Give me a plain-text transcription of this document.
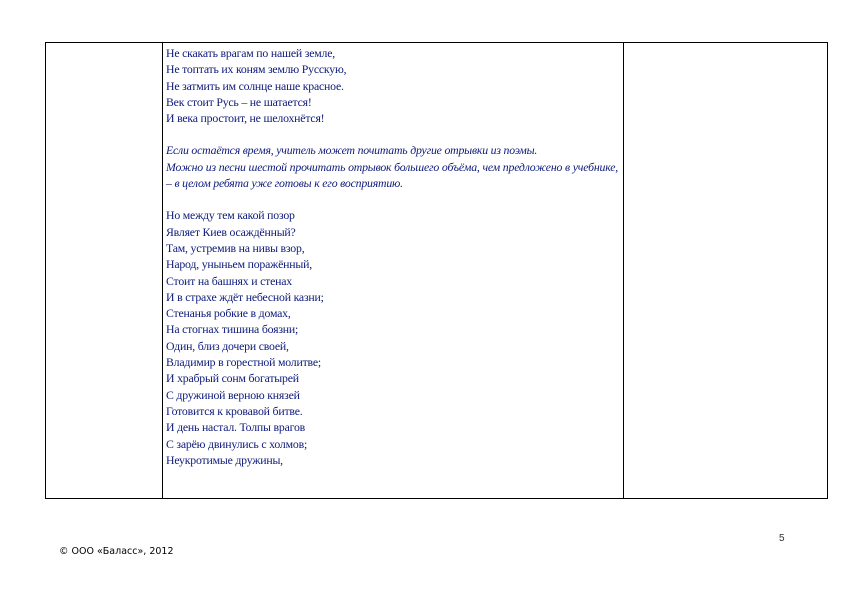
Не скакать врагам по нашей земле,
Не топтать их коням землю Русскую,
Не затмить им солнце наше красное.
Век стоит Русь – не шатается!
И века простоит, не шелохнётся!
Если остаётся время, учитель может почитать другие отрывки из поэмы.
Можно из песни шестой прочитать отрывок большего объёма, чем предложено в учебнике, – в целом ребята уже готовы к его восприятию.
Но между тем какой позор
Являет Киев осаждённый?
Там, устремив на нивы взор,
Народ, уныньем поражённый,
Стоит на башнях и стенах
И в страхе ждёт небесной казни;
Стенанья робкие в домах,
На стогнах тишина боязни;
Один, близ дочери своей,
Владимир в горестной молитве;
И храбрый сонм богатырей
С дружиной верною князей
Готовится к кровавой битве.
И день настал. Толпы врагов
С зарёю двинулись с холмов;
Неукротимые дружины,
5
© ООО «Баласс», 2012
